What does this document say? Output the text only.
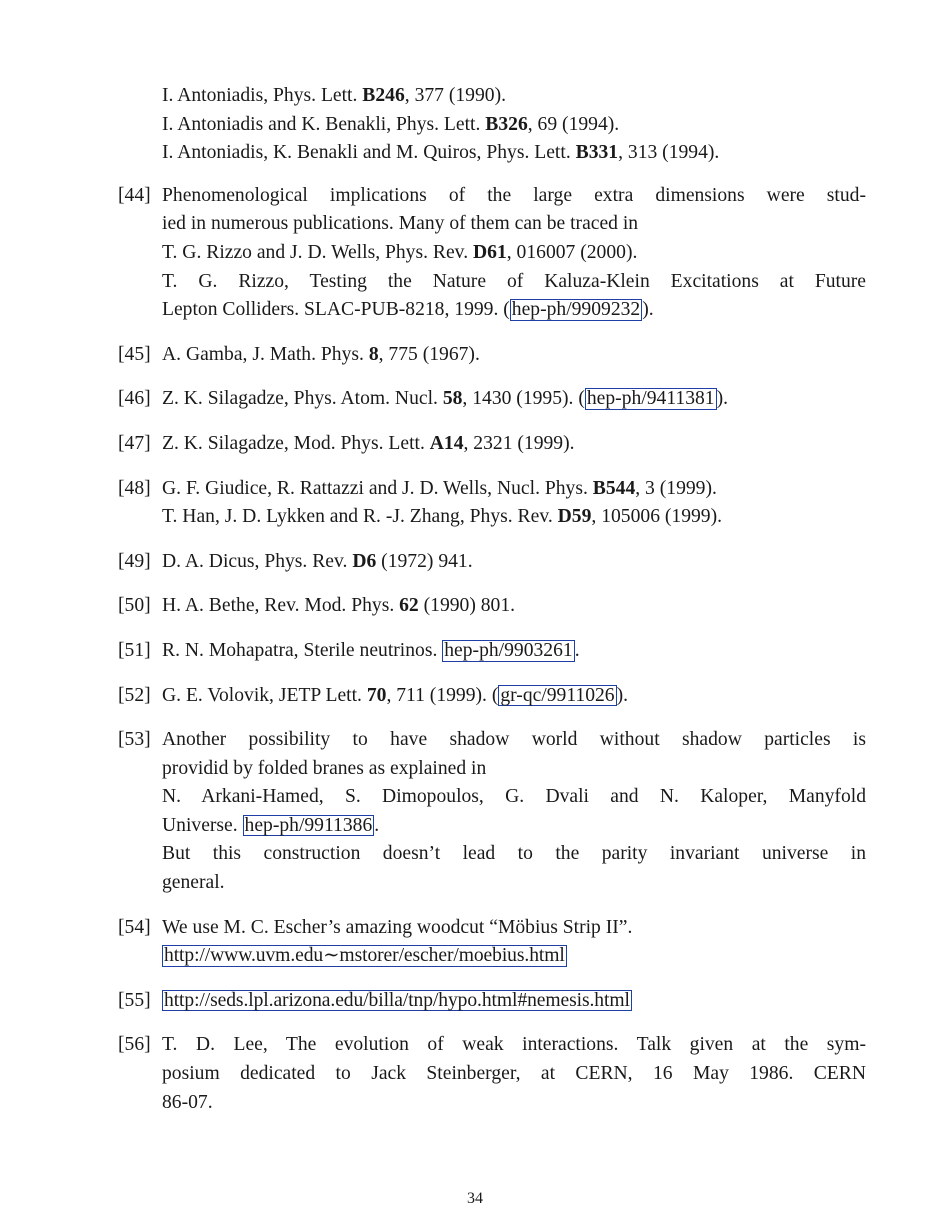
I. Antoniadis, Phys. Lett. B246, 377 (1990).
I. Antoniadis and K. Benakli, Phys. Lett. B326, 69 (1994).
I. Antoniadis, K. Benakli and M. Quiros, Phys. Lett. B331, 313 (1994).
[44] Phenomenological implications of the large extra dimensions were stud-
ied in numerous publications. Many of them can be traced in
T. G. Rizzo and J. D. Wells, Phys. Rev. D61, 016007 (2000).
T. G. Rizzo, Testing the Nature of Kaluza-Klein Excitations at Future
Lepton Colliders. SLAC-PUB-8218, 1999. ( hep-ph/9909232 ).
[45] A. Gamba, J. Math. Phys. 8, 775 (1967).
[46] Z. K. Silagadze, Phys. Atom. Nucl. 58, 1430 (1995). ( hep-ph/9411381 ).
[47] Z. K. Silagadze, Mod. Phys. Lett. A14, 2321 (1999).
[48] G. F. Giudice, R. Rattazzi and J. D. Wells, Nucl. Phys. B544, 3 (1999).
T. Han, J. D. Lykken and R. -J. Zhang, Phys. Rev. D59, 105006 (1999).
[49] D. A. Dicus, Phys. Rev. D6 (1972) 941.
[50] H. A. Bethe, Rev. Mod. Phys. 62 (1990) 801.
[51] R. N. Mohapatra, Sterile neutrinos. hep-ph/9903261 .
[52] G. E. Volovik, JETP Lett. 70, 711 (1999). ( gr-qc/9911026 ).
[53] Another possibility to have shadow world without shadow particles is
providid by folded branes as explained in
N. Arkani-Hamed, S. Dimopoulos, G. Dvali and N. Kaloper, Manyfold
Universe. hep-ph/9911386 .
But this construction doesn’t lead to the parity invariant universe in
general.
[54] We use M. C. Escher’s amazing woodcut “Möbius Strip II”.
http://www.uvm.edu∼mstorer/escher/moebius.html
[55] http://seds.lpl.arizona.edu/billa/tnp/hypo.html#nemesis.html
[56] T. D. Lee, The evolution of weak interactions. Talk given at the sym-
posium dedicated to Jack Steinberger, at CERN, 16 May 1986. CERN
86-07.
34
